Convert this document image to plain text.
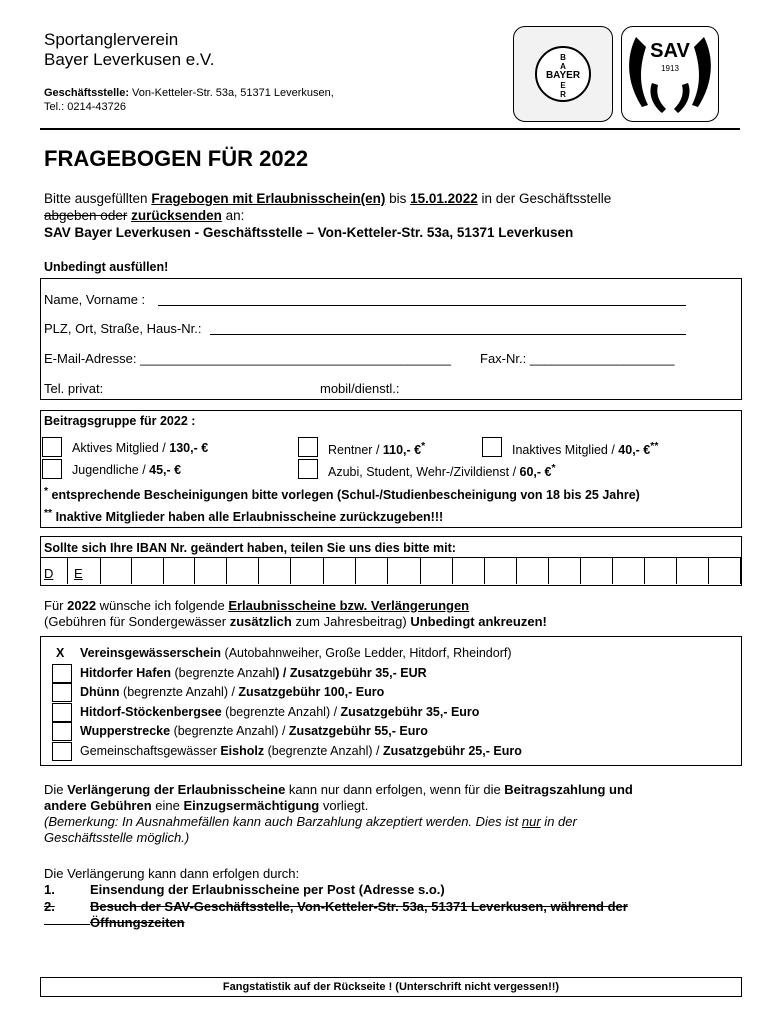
Sportanglerverein
Bayer Leverkusen e.V.
Geschäftsstelle: Von-Ketteler-Str. 53a, 51371 Leverkusen,
Tel.: 0214-43726
BAYER
B
A
E
R
SAV
1913
FRAGEBOGEN FÜR 2022
Bitte ausgefüllten Fragebogen mit Erlaubnisschein(en) bis 15.01.2022 in der Geschäftsstelle
abgeben oder zurücksenden an:
SAV Bayer Leverkusen - Geschäftsstelle – Von-Ketteler-Str. 53a, 51371 Leverkusen
Unbedingt ausfüllen!
Name, Vorname :
PLZ, Ort, Straße, Haus-Nr.:
E-Mail-Adresse: ___________________________________________ Fax-Nr.: ____________________
Tel. privat:	mobil/dienstl.:
Beitragsgruppe für 2022 :
Aktives Mitglied / 130,- €	Rentner / 110,- €*	Inaktives Mitglied / 40,- €**
Jugendliche / 45,- €	Azubi, Student, Wehr-/Zivildienst / 60,- €*
* entsprechende Bescheinigungen bitte vorlegen (Schul-/Studienbescheinigung von 18 bis 25 Jahre)
** Inaktive Mitglieder haben alle Erlaubnisscheine zurückzugeben!!!
Sollte sich Ihre IBAN Nr. geändert haben, teilen Sie uns dies bitte mit:
D E
Für 2022 wünsche ich folgende Erlaubnisscheine bzw. Verlängerungen
(Gebühren für Sondergewässer zusätzlich zum Jahresbeitrag) Unbedingt ankreuzen!
X Vereinsgewässerschein (Autobahnweiher, Große Ledder, Hitdorf, Rheindorf)
Hitdorfer Hafen (begrenzte Anzahl) / Zusatzgebühr 35,- EUR
Dhünn (begrenzte Anzahl) / Zusatzgebühr 100,- Euro
Hitdorf-Stöckenbergsee (begrenzte Anzahl) / Zusatzgebühr 35,- Euro
Wupperstrecke (begrenzte Anzahl) / Zusatzgebühr 55,- Euro
Gemeinschaftsgewässer Eisholz (begrenzte Anzahl) / Zusatzgebühr 25,- Euro
Die Verlängerung der Erlaubnisscheine kann nur dann erfolgen, wenn für die Beitragszahlung und
andere Gebühren eine Einzugsermächtigung vorliegt.
(Bemerkung: In Ausnahmefällen kann auch Barzahlung akzeptiert werden. Dies ist nur in der
Geschäftsstelle möglich.)
Die Verlängerung kann dann erfolgen durch:
1.	Einsendung der Erlaubnisscheine per Post (Adresse s.o.)
2.	Besuch der SAV-Geschäftsstelle, Von-Ketteler-Str. 53a, 51371 Leverkusen, während der
Öffnungszeiten
Fangstatistik auf der Rückseite ! (Unterschrift nicht vergessen!!)
